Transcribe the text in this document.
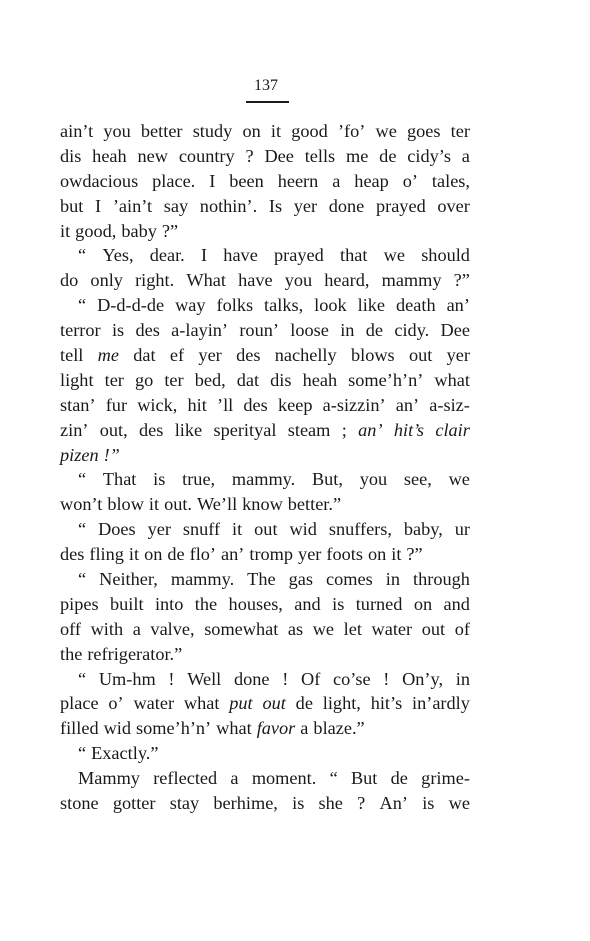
137
ain’t you better study on it good ’fo’ we goes ter
dis heah new country ? Dee tells me de cidy’s a
owdacious place. I been heern a heap o’ tales,
but I ’ain’t say nothin’. Is yer done prayed over
it good, baby ?”
“ Yes, dear. I have prayed that we should
do only right. What have you heard, mammy ?”
“ D-d-d-de way folks talks, look like death an’
terror is des a-layin’ roun’ loose in de cidy. Dee
tell me dat ef yer des nachelly blows out yer
light ter go ter bed, dat dis heah some’h’n’ what
stan’ fur wick, hit ’ll des keep a-sizzin’ an’ a-siz-
zin’ out, des like sperityal steam ; an’ hit’s clair
pizen !”
“ That is true, mammy. But, you see, we
won’t blow it out. We’ll know better.”
“ Does yer snuff it out wid snuffers, baby, ur
des fling it on de flo’ an’ tromp yer foots on it ?”
“ Neither, mammy. The gas comes in through
pipes built into the houses, and is turned on and
off with a valve, somewhat as we let water out of
the refrigerator.”
“ Um-hm ! Well done ! Of co’se ! On’y, in
place o’ water what put out de light, hit’s in’ardly
filled wid some’h’n’ what favor a blaze.”
“ Exactly.”
Mammy reflected a moment. “ But de grime-
stone gotter stay berhime, is she ? An’ is we
